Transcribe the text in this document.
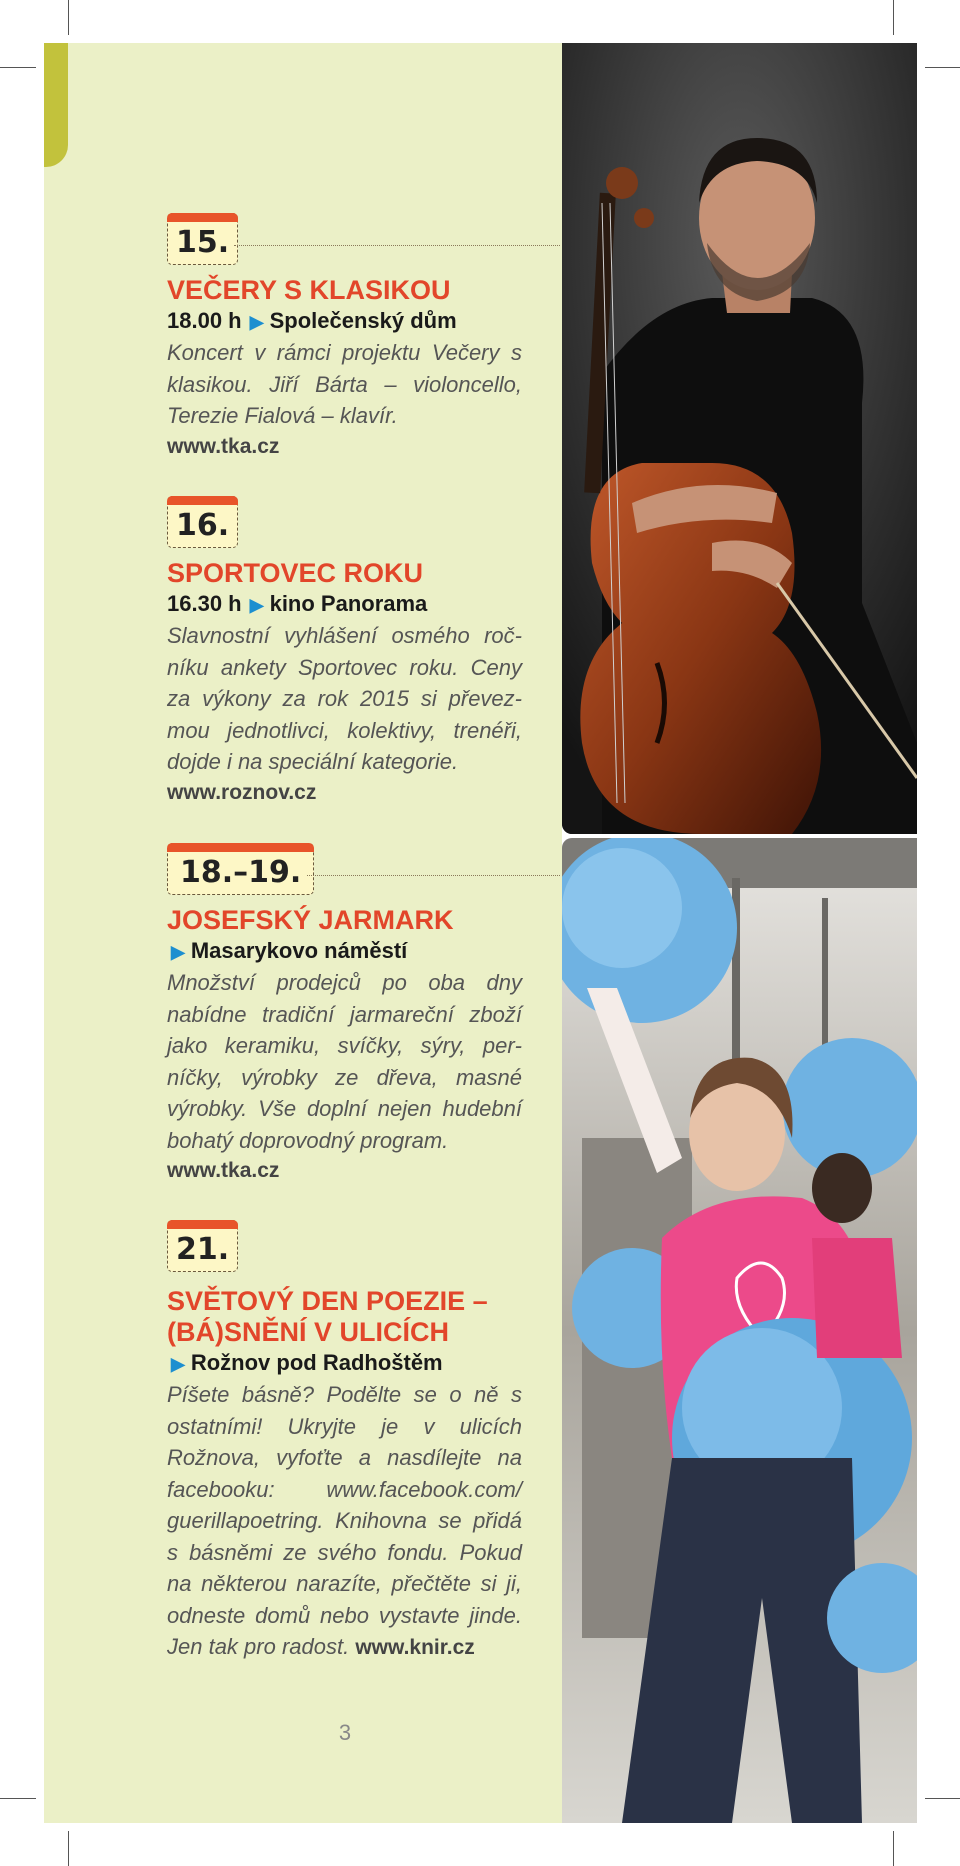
15.
VEČERY S KLASIKOU
18.00 h ▶ Společenský dům
Koncert v rámci projektu Večery s klasikou. Jiří Bárta – violoncello, Terezie Fialová – klavír.
www.tka.cz
16.
SPORTOVEC ROKU
16.30 h ▶ kino Panorama
Slavnostní vyhlášení osmého ročníku ankety Sportovec roku. Ceny za výkony za rok 2015 si převezmou jednotlivci, kolektivy, trenéři, dojde i na speciální kategorie.
www.roznov.cz
18.–19.
JOSEFSKÝ JARMARK
▶ Masarykovo náměstí
Množství prodejců po oba dny nabídne tradiční jarmareční zboží jako keramiku, svíčky, sýry, perníčky, výrobky ze dřeva, masné výrobky. Vše doplní nejen hudební bohatý doprovodný program.
www.tka.cz
21.
SVĚTOVÝ DEN POEZIE –
(BÁ)SNĚNÍ V ULICÍCH
▶ Rožnov pod Radhoštěm
Píšete básně? Podělte se o ně s ostatními! Ukryjte je v ulicích Rožnova, vyfoťte a nasdílejte na facebooku: www.facebook.com/ guerillapoetring. Knihovna se přidá s básněmi ze svého fondu. Pokud na některou narazíte, přečtěte si ji, odneste domů nebo vystavte jinde. Jen tak pro radost. www.knir.cz
3
